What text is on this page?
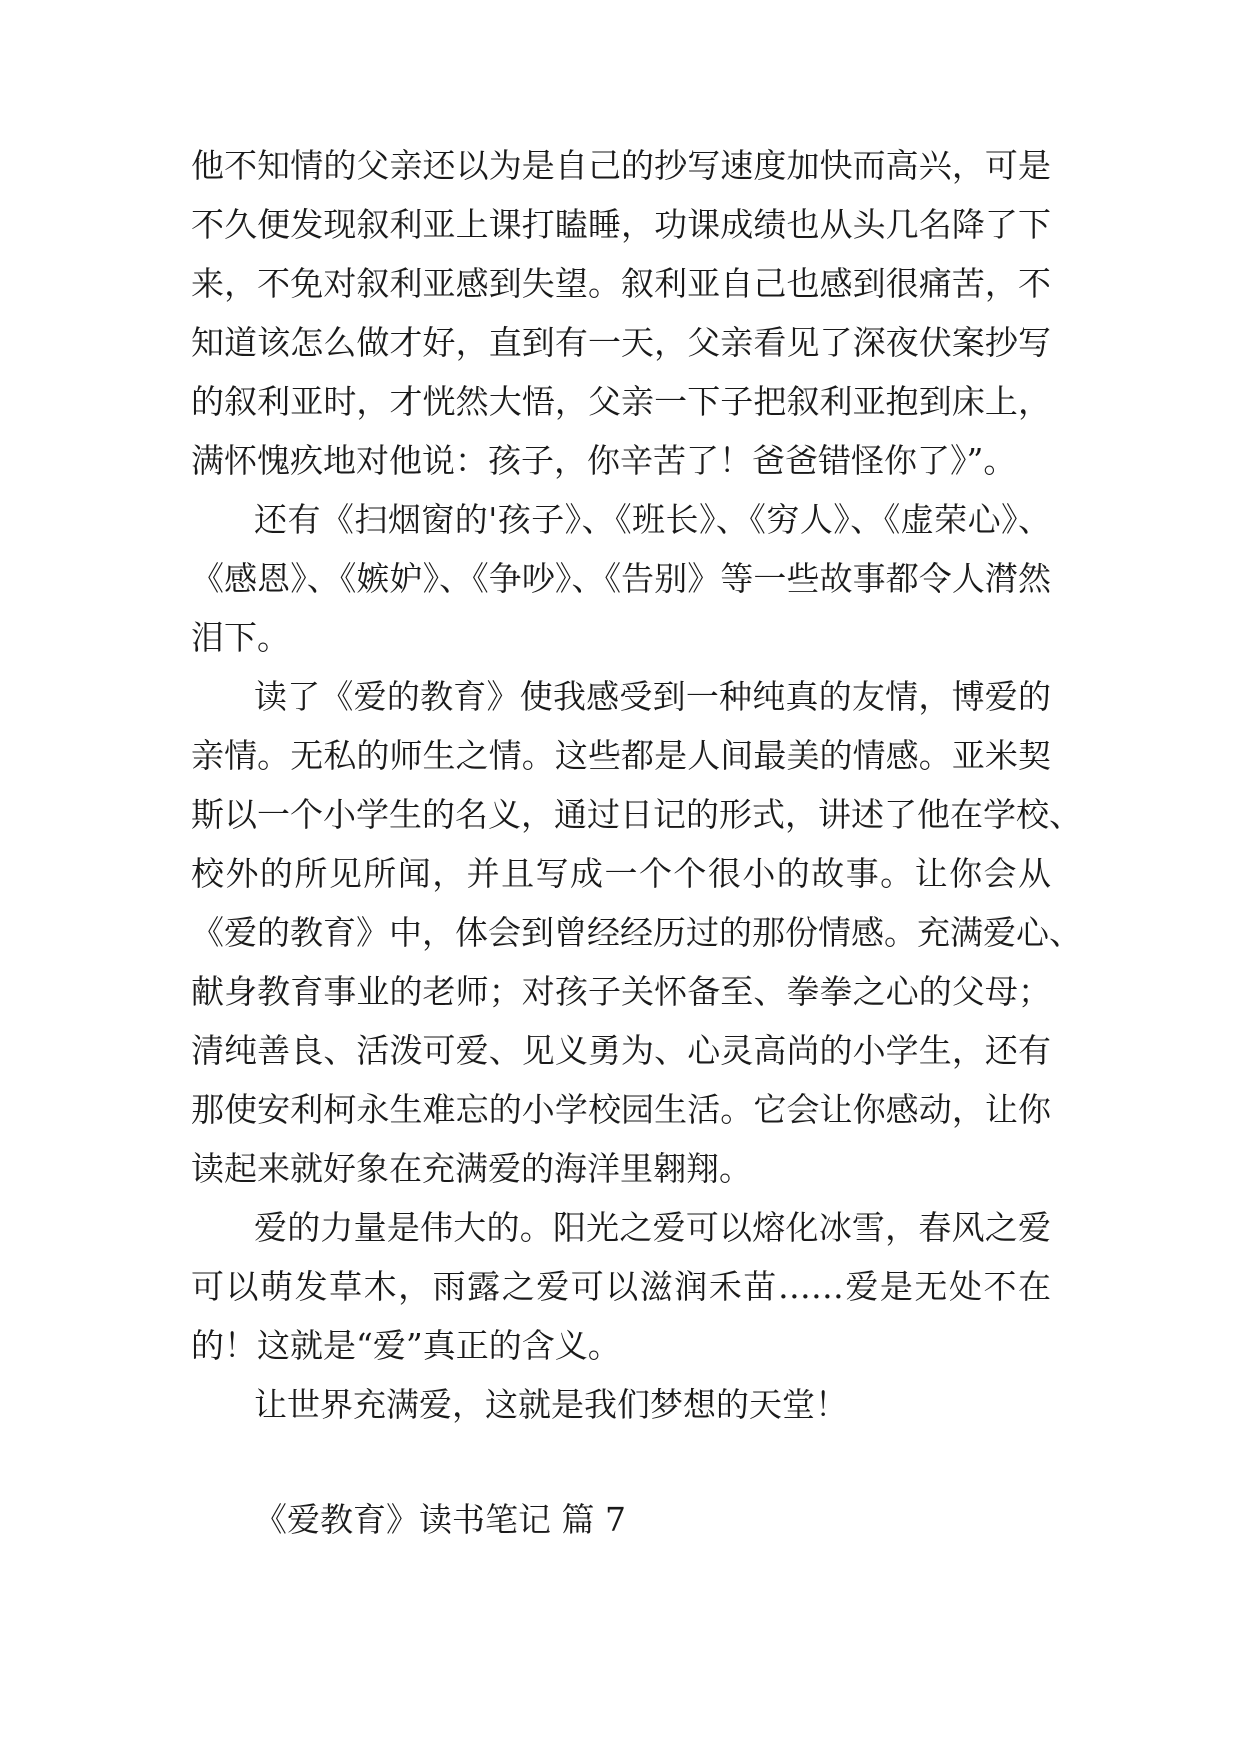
他不知情的父亲还以为是自己的抄写速度加快而高兴，可是

不久便发现叙利亚上课打瞌睡，功课成绩也从头几名降了下

来，不免对叙利亚感到失望。叙利亚自己也感到很痛苦，不

知道该怎么做才好，直到有一天，父亲看见了深夜伏案抄写

的叙利亚时，才恍然大悟，父亲一下子把叙利亚抱到床上，

满怀愧疚地对他说：孩子，你辛苦了！爸爸错怪你了》”。

还有《扫烟窗的'孩子》、《班长》、《穷人》、《虚荣心》、

《感恩》、《嫉妒》、《争吵》、《告别》等一些故事都令人潸然

泪下。

读了《爱的教育》使我感受到一种纯真的友情，博爱的

亲情。无私的师生之情。这些都是人间最美的情感。亚米契

斯以一个小学生的名义，通过日记的形式，讲述了他在学校、

校外的所见所闻，并且写成一个个很小的故事。让你会从

《爱的教育》中，体会到曾经经历过的那份情感。充满爱心、

献身教育事业的老师；对孩子关怀备至、拳拳之心的父母；

清纯善良、活泼可爱、见义勇为、心灵高尚的小学生，还有

那使安利柯永生难忘的小学校园生活。它会让你感动，让你

读起来就好象在充满爱的海洋里翱翔。

爱的力量是伟大的。阳光之爱可以熔化冰雪，春风之爱

可以萌发草木，雨露之爱可以滋润禾苗……爱是无处不在

的！这就是“爱”真正的含义。

让世界充满爱，这就是我们梦想的天堂！

《爱教育》读书笔记 篇 7
